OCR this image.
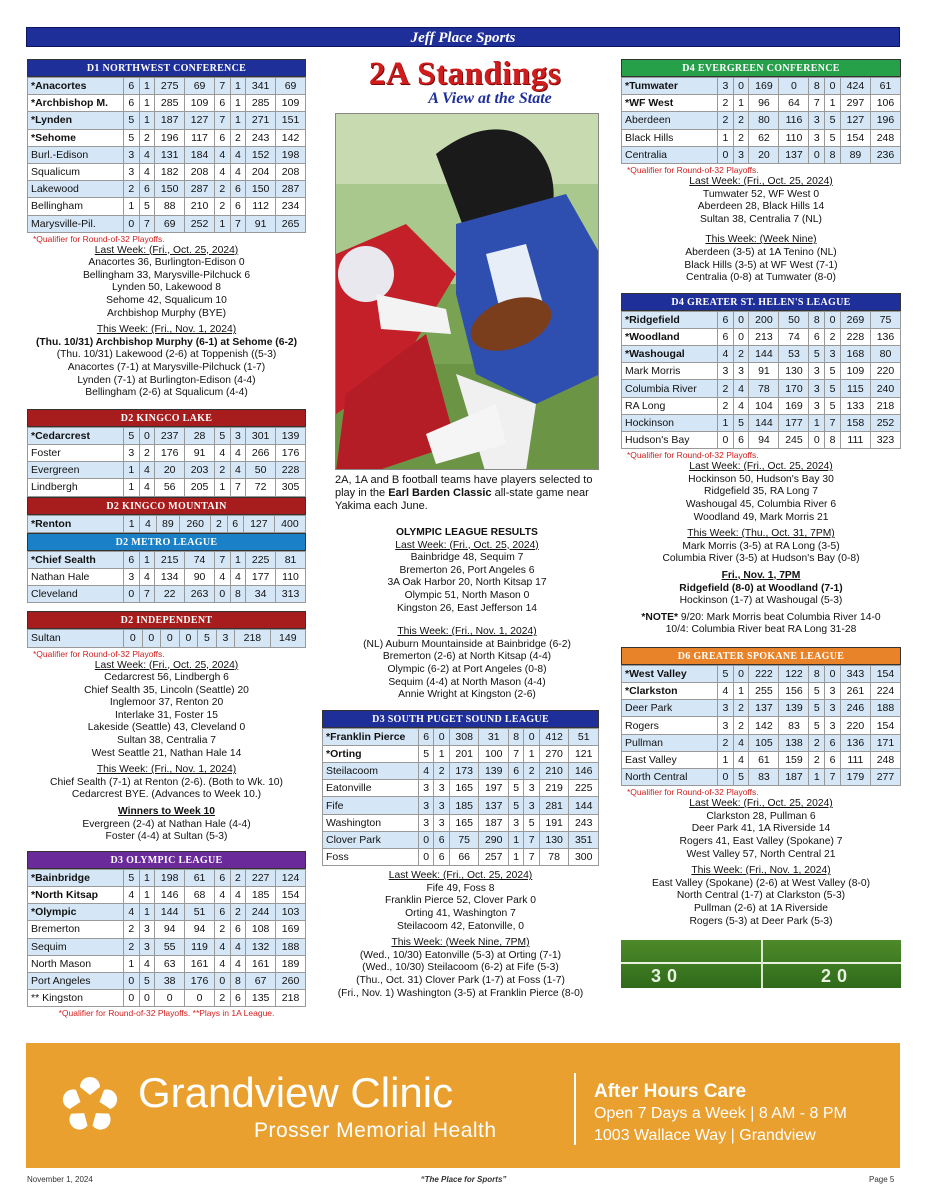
Jeff Place Sports
D1 NORTHWEST CONFERENCE
*Anacortes	6	1	275	69	7	1	341	69
*Archbishop M.	6	1	285	109	6	1	285	109
*Lynden	5	1	187	127	7	1	271	151
*Sehome	5	2	196	117	6	2	243	142
Burl.-Edison	3	4	131	184	4	4	152	198
Squalicum	3	4	182	208	4	4	204	208
Lakewood	2	6	150	287	2	6	150	287
Bellingham	1	5	88	210	2	6	112	234
Marysville-Pil.	0	7	69	252	1	7	91	265
*Qualifier for Round-of-32 Playoffs.
Last Week: (Fri., Oct. 25, 2024)
Anacortes 36, Burlington-Edison 0
Bellingham 33, Marysville-Pilchuck 6
Lynden 50, Lakewood 8
Sehome 42, Squalicum 10
Archbishop Murphy (BYE)
This Week: (Fri., Nov. 1, 2024)
(Thu. 10/31) Archbishop Murphy (6-1) at Sehome (6-2)
(Thu. 10/31) Lakewood (2-6) at Toppenish ((5-3)
Anacortes (7-1) at Marysville-Pilchuck (1-7)
Lynden (7-1) at Burlington-Edison (4-4)
Bellingham (2-6) at Squalicum (4-4)
D2 KINGCO LAKE
*Cedarcrest	5	0	237	28	5	3	301	139
Foster	3	2	176	91	4	4	266	176
Evergreen	1	4	20	203	2	4	50	228
Lindbergh	1	4	56	205	1	7	72	305
D2 KINGCO MOUNTAIN
*Renton	1	4	89	260	2	6	127	400
D2 METRO LEAGUE
*Chief Sealth	6	1	215	74	7	1	225	81
Nathan Hale	3	4	134	90	4	4	177	110
Cleveland	0	7	22	263	0	8	34	313
D2 INDEPENDENT
Sultan	0	0	0	0	5	3	218	149
*Qualifier for Round-of-32 Playoffs.
Last Week: (Fri., Oct. 25, 2024)
Cedarcrest 56, Lindbergh 6
Chief Sealth 35, Lincoln (Seattle) 20
Inglemoor 37, Renton 20
Interlake 31, Foster 15
Lakeside (Seattle) 43, Cleveland 0
Sultan 38, Centralia 7
West Seattle 21, Nathan Hale 14
This Week: (Fri., Nov. 1, 2024)
Chief Sealth (7-1) at Renton (2-6). (Both to Wk. 10)
Cedarcrest BYE. (Advances to Week 10.)
Winners to Week 10
Evergreen (2-4) at Nathan Hale (4-4)
Foster (4-4) at Sultan (5-3)
D3 OLYMPIC LEAGUE
*Bainbridge	5	1	198	61	6	2	227	124
*North Kitsap	4	1	146	68	4	4	185	154
*Olympic	4	1	144	51	6	2	244	103
Bremerton	2	3	94	94	2	6	108	169
Sequim	2	3	55	119	4	4	132	188
North Mason	1	4	63	161	4	4	161	189
Port Angeles	0	5	38	176	0	8	67	260
** Kingston	0	0	0	0	2	6	135	218
*Qualifier for Round-of-32 Playoffs. **Plays in 1A League.
2A Standings
A View at the State
2A, 1A and B football teams have players selected to play in the Earl Barden Classic all-state game near Yakima each June.
OLYMPIC LEAGUE RESULTS
Last Week: (Fri., Oct. 25, 2024)
Bainbridge 48, Sequim 7
Bremerton 26, Port Angeles 6
3A Oak Harbor 20, North Kitsap 17
Olympic 51, North Mason 0
Kingston 26, East Jefferson 14
This Week: (Fri., Nov. 1, 2024)
(NL) Auburn Mountainside at Bainbridge (6-2)
Bremerton (2-6) at North Kitsap (4-4)
Olympic (6-2) at Port Angeles (0-8)
Sequim (4-4) at North Mason (4-4)
Annie Wright at Kingston (2-6)
D3 SOUTH PUGET SOUND LEAGUE
*Franklin Pierce	6	0	308	31	8	0	412	51
*Orting	5	1	201	100	7	1	270	121
Steilacoom	4	2	173	139	6	2	210	146
Eatonville	3	3	165	197	5	3	219	225
Fife	3	3	185	137	5	3	281	144
Washington	3	3	165	187	3	5	191	243
Clover Park	0	6	75	290	1	7	130	351
Foss	0	6	66	257	1	7	78	300
Last Week: (Fri., Oct. 25, 2024)
Fife 49, Foss 8
Franklin Pierce 52, Clover Park 0
Orting 41, Washington 7
Steilacoom 42, Eatonville, 0
This Week: (Week Nine, 7PM)
(Wed., 10/30) Eatonville (5-3) at Orting (7-1)
(Wed., 10/30) Steilacoom (6-2) at Fife (5-3)
(Thu., Oct. 31) Clover Park (1-7) at Foss (1-7)
(Fri., Nov. 1) Washington (3-5) at Franklin Pierce (8-0)
D4 EVERGREEN CONFERENCE
*Tumwater	3	0	169	0	8	0	424	61
*WF West	2	1	96	64	7	1	297	106
Aberdeen	2	2	80	116	3	5	127	196
Black Hills	1	2	62	110	3	5	154	248
Centralia	0	3	20	137	0	8	89	236
*Qualifier for Round-of-32 Playoffs.
Last Week: (Fri., Oct. 25, 2024)
Tumwater 52, WF West 0
Aberdeen 28, Black Hills 14
Sultan 38, Centralia 7 (NL)
This Week: (Week Nine)
Aberdeen (3-5) at 1A Tenino (NL)
Black Hills (3-5) at WF West (7-1)
Centralia (0-8) at Tumwater (8-0)
D4 GREATER ST. HELEN'S LEAGUE
*Ridgefield	6	0	200	50	8	0	269	75
*Woodland	6	0	213	74	6	2	228	136
*Washougal	4	2	144	53	5	3	168	80
Mark Morris	3	3	91	130	3	5	109	220
Columbia River	2	4	78	170	3	5	115	240
RA Long	2	4	104	169	3	5	133	218
Hockinson	1	5	144	177	1	7	158	252
Hudson's Bay	0	6	94	245	0	8	111	323
*Qualifier for Round-of-32 Playoffs.
Last Week: (Fri., Oct. 25, 2024)
Hockinson 50, Hudson's Bay 30
Ridgefield 35, RA Long 7
Washougal 45, Columbia River 6
Woodland 49, Mark Morris 21
This Week: (Thu., Oct. 31, 7PM)
Mark Morris (3-5) at RA Long (3-5)
Columbia River (3-5) at Hudson's Bay (0-8)
Fri., Nov. 1, 7PM
Ridgefield (8-0) at Woodland (7-1)
Hockinson (1-7) at Washougal (5-3)
*NOTE* 9/20: Mark Morris beat Columbia River 14-0
10/4: Columbia River beat RA Long 31-28
D6 GREATER SPOKANE LEAGUE
*West Valley	5	0	222	122	8	0	343	154
*Clarkston	4	1	255	156	5	3	261	224
Deer Park	3	2	137	139	5	3	246	188
Rogers	3	2	142	83	5	3	220	154
Pullman	2	4	105	138	2	6	136	171
East Valley	1	4	61	159	2	6	111	248
North Central	0	5	83	187	1	7	179	277
*Qualifier for Round-of-32 Playoffs.
Last Week: (Fri., Oct. 25, 2024)
Clarkston 28, Pullman 6
Deer Park 41, 1A Riverside 14
Rogers 41, East Valley (Spokane) 7
West Valley 57, North Central 21
This Week: (Fri., Nov. 1, 2024)
East Valley (Spokane) (2-6) at West Valley (8-0)
North Central (1-7) at Clarkston (5-3)
Pullman (2-6) at 1A Riverside
Rogers (5-3) at Deer Park (5-3)
30	20
Grandview Clinic
Prosser Memorial Health
After Hours Care
Open 7 Days a Week | 8 AM - 8 PM
1003 Wallace Way | Grandview
November 1, 2024	“The Place for Sports”	Page 5
